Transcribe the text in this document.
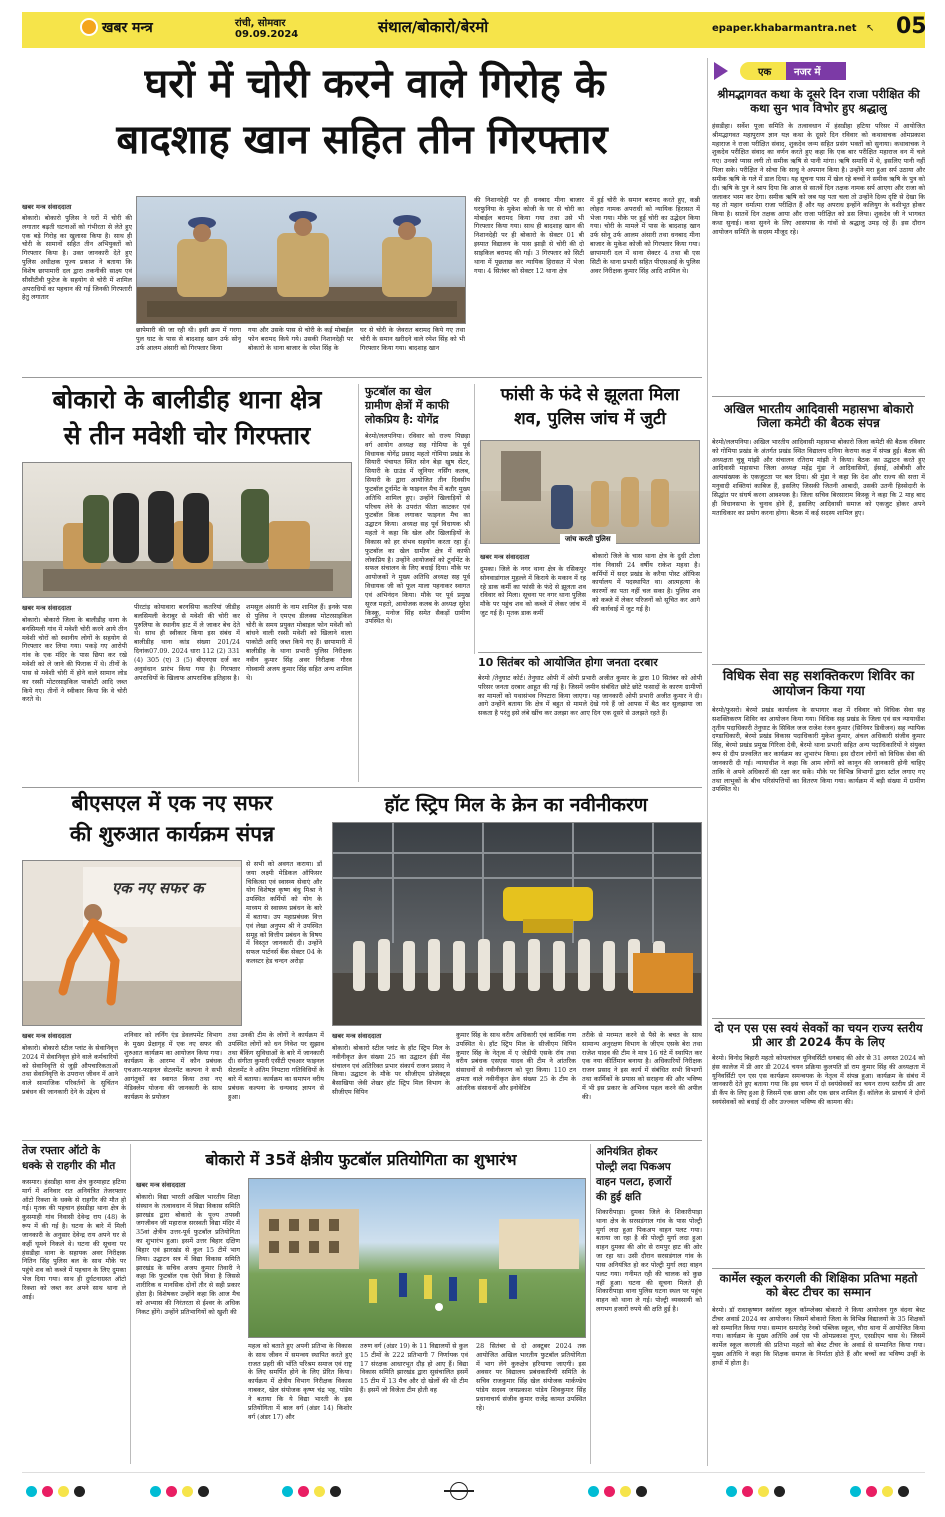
खबर मन्त्र	रांची, सोमवार
09.09.2024	संथाल/बोकारो/बेरमो	epaper.khabarmantra.net ↖ 05
घरों में चोरी करने वाले गिरोह के
बादशाह खान सहित तीन गिरफ्तार
खबर मन्त्र संवाददाता
बोकारो। बोकारो पुलिस ने घरों में चोरी की लगातार बढ़ती घटनाओं को गंभीरता से लेते हुए एक बड़े गिरोह का खुलासा किया है। साथ ही चोरी के सामानों सहित तीन अभियुक्तों को गिरफ्तार किया है। उक्त जानकारी देते हुए पुलिस अधीक्षक पूज्य प्रकाश ने बताया कि विशेष छापामारी दल द्वारा तकनीकी साक्ष्य एवं सीसीटीवी फुटेज के सहयोग से चोरी में शामिल अपराधियों का पहचान की गई जिनकी गिरफ्तारी हेतु लगातार
छापेमारी की जा रही थी। इसी क्रम में गरगा पुल घाट के पास से बादशाह खान उर्फ सोनू उर्फ आलम अंसारी को गिरफ्तार किया
गया और उसके पास से चोरी के कई मोबाईल फोन बरामद किये गये। उसकी निशानदेही पर बोकारो के थाना बाजार के रमेश सिंह के
घर से चोरी के जेवरात बरामद किये गए तथा चोरी के समान खरीदने वाले रमेश सिंह को भी गिरफ्तार किया गया। बादशाह खान
की निशानदेही पर ही धनबाद मीना बाजार घरफुनिया के मुकेश कोजी के घर से चोरी का मोबाईल बरामद किया गया तथा उसे भी गिरफ्तार किया गया। साथ ही बादशाह खान की निशानदेही पर ही बोकारो के सेक्टर 01 बी इस्पात विद्यालय के पास झाड़ी से चोरी की दो साइकिल बरामद की गई। 3 गिरफ्तार को सिटी थाना में पूछताछ कर न्यायिक हिरासत में भेजा गया। 4 सितंबर को सेक्टर 12 थाना क्षेत्र
में हुई चोरी के समान बरामद करते हुए, कन्नी लोहरा नामक अपराधी को न्यायिक हिरासत में भेजा गया। मौके पर हुई चोरी का उद्भेदन किया गया। चोरी के मामले में पास के बादशाह खान उर्फ सोनू उर्फ आलम अंसारी तथा धनबाद मीना बाजार के मुकेश कोजी को गिरफ्तार किया गया। छापामारी दल में थाना सेक्टर 4 तथा बी एस सिटी के थाना प्रभारी सहित पीएसआई के पुलिस अवर निरीक्षक कुमार सिंह आदि शामिल थे।
बोकारो के बालीडीह थाना क्षेत्र
से तीन मवेशी चोर गिरफ्तार
खबर मन्त्र संवाददाता
बोकारो। बोकारो जिला के बालीडीह थाना के बनसिमली गांव में मवेशी चोरी करने आये तीन मवेशी चोरों को स्थानीय लोगों के सहयोग से गिरफ्तार कर लिया गया। पकड़े गए आरोपी गांव के एक मंदिर के पास छिपा कर रखे मवेशी को ले जाने की फिराक में थे। तीनों के पास से मवेशी चोरी में होने वाले सामान लोड का रस्सी मोटरसाइकिल पाकोटी आदि जब्त किये गए। तीनों ने स्वीकार किया कि वे चोरी करते थे।
पीरटांड़ कोयावारा बरनसिया कतरियां जीडीह बलसिमली केराबुर से मवेशी की चोरी कर पुरुलिया के स्थानीय हाट में ले जाकर बेच देते थे। साथ ही स्वीकार किया इस संबंध में बालीडीह थाना कांड संख्या 201/24 दिनांक07.09. 2024 धारा 112 (2) 331 (4) 305 (ए) 3 (5) बीएनएस दर्ज कर अनुसंधान प्रारंभ किया गया है। गिरफ्तार अपराधियों के खिलाफ आपराधिक इतिहास है।
शमसूल अंसारी के नाम शामिल हैं। इनके पास से पुलिस ने एमएच डीलक्स मोटरसाइकिल चोरी के समय प्रयुक्त मोबाइल फोन मवेशी को बांधने वाली रस्सी मवेशी को खिलाने वाला पाकोटी आदि जब्त किये गए हैं। छापामारी में बालीडीह के थाना प्रभारी पुलिस निरीक्षक नवीन कुमार सिंह अवर निरीक्षक गौरव गोस्वामी अजय कुमार सिंह सहित अन्य शामिल थे।
फुटबॉल का खेल
ग्रामीण क्षेत्रों में काफी
लोकप्रिय है: योगेंद्र
बेरमो/ललपनिया। रविवार को राज्य पिछड़ा वर्ग आयोग अध्यक्ष सह गोमिया के पूर्व विधायक योगेंद्र प्रसाद महतो गोमिया प्रखंड के सियारी पंचायत स्थित सोन बेड़ा खुष सेंटर, सियारी के ग्राउंड में जूनियर नर्सिंग कलब, सियारी के द्वारा आयोजित तीन दिवसीय फुटबॉल टूर्नामेंट के फाइनल मैच में बतौर मुख्य अतिथि शामिल हुए। उन्होंने खिलाड़ियों से परिचय लेने के उपरांत फीता काटकर एवं फुटबॉल किक लगाकर फाइनल मैच का उद्घाटन किया। अध्यक्ष सह पूर्व विधायक श्री महतो ने कहा कि खेल और खिलाड़ियों के विकास को हर संभव सहयोग करता रहा हूँ। फुटबॉल का खेल ग्रामीण क्षेत्र में काफी लोकप्रिय है। उन्होंने आयोजकों को टूर्नामेंट के सफल संचालन के लिए बधाई दिया। मौके पर आयोजकों ने मुख्य अतिथि अध्यक्ष सह पूर्व विधायक जी को फूल माला पहनाकर स्वागत एवं अभिनंदन किया। मौके पर पूर्व प्रमुख सूरज महतो, आयोजक कलब के अध्यक्ष सुरेश किस्कू, मनोज सिंह समेत सैकड़ों ग्रामीण उपस्थित थे।
फांसी के फंदे से झूलता मिला
शव, पुलिस जांच में जुटी
जांच करती पुलिस
खबर मन्त्र संवाददाता
दुमका। जिले के नगर थाना क्षेत्र के रसिकपुर सोनवाडांगाल मुहल्ले में किराये के मकान में रह रहे डाक कर्मी का फांसी के फंदे से झूलता शव रविवार को मिला। सूचना पर नगर थाना पुलिस मौके पर पहुंच शव को कब्जे में लेकर जांच में जुट गई है। मृतक डाक कर्मी
बोकारो जिले के चास थाना क्षेत्र के दुधी टोला गांव निवासी 24 वर्षीय राकेश महथा है। कर्मियों में सदर प्रखंड के करैया पोस्ट ऑफिस कार्यालय में पदस्थापित था। आत्महत्या के कारणों का पता नहीं चल सका है। पुलिस शव को कब्जे में लेकर परिजनों को सूचित कर आगे की कार्रवाई में जुट गई है।
10 सितंबर को आयोजित होगा जनता दरबार
बेरमो /तेनुघाट कोर्ट। तेनुघाट ओपी में ओपी प्रभारी अजीत कुमार के द्वारा 10 सितंबर को ओपी परिसर जनता दरबार आहूत की गई है। जिसमें जमीन संबंधित छोटे छोटे फसादों के कारण ग्रामीणों का मामलों को यथासंभव निपटारा किया जाएगा। यह जानकारी ओपी प्रभारी अजीत कुमार ने दी। आगे उन्होंने बताया कि क्षेत्र में बहुत से मामले देखे गये हैं जो आपस में बैठ कर सुलझाया जा सकता है परंतु इसे लंबे खींच कर उलझा कर आए दिन एक दूसरे से उलझते रहते हैं।
बीएसएल में एक नए सफर
की शुरुआत कार्यक्रम संपन्न
एक नए सफर क
से सभी को अवगत कराया। डॉ जया लक्ष्मी मेडिकल ऑफिसर चिकित्सा एवं स्वास्थ्य सेवाएं और योग विशेषज्ञ कृष्ण बंधु मिश्रा ने उपस्थित कर्मियों को योग के माध्यम से स्वास्थ्य प्रबंधन के बारे में बताया। उप महाप्रबंधक वित्त एवं लेखा अनुपम श्री ने उपस्थित समूह को वित्तीय प्रबंधन के विषय में विस्तृत जानकारी दी। उन्होंने सफल पार्टनर्स बैंक सेक्टर 04 के कलस्टर हेड चन्दन अरोड़ा
खबर मन्त्र संवाददाता
बोकारो। बोकारो स्टील प्लांट के सेवानिवृत्त 2024 में सेवानिवृत्त होने वाले कर्मचारियों को सेवानिवृत्ति से जुड़ी औपचारिकताओं तथा सेवानिवृत्ति के उपरान्त जीवन में आने वाले सामाजिक परिवर्तनों के सुचिंतन प्रबंधन की जानकारी देने के उद्देश्य से
शनिवार को लर्निंग एंड डेवलपमेंट विभाग के मुख्य प्रेक्षागृह में एक नए सफर की शुरुआत कार्यक्रम का आयोजन किया गया। कार्यक्रम के आरम्भ में कौन प्रबंधक एचआर-फाइनल सेटलमेंट कल्पना ने सभी आगंतुकों का स्वागत किया तथा नए मेडिक्लेम योजना की जानकारी के साथ कार्यक्रम के प्रयोजन
तथा उनकी टीम के लोगों ने कार्यक्रम में उपस्थित लोगों को धन निवेश पर सुझाव तथा बैंकिंग सुविधाओं के बारे में जानकारी दी। संगीता कुमारी एसीटी एचआर फाइनल सेटलमेंट ने अंतिम निपटारा गतिविधियों के बारे में बताया। कार्यक्रम का समापन वरीय प्रबंधक कल्पना के धन्यवाद ज्ञापन से हुआ।
हॉट स्ट्रिप मिल के क्रेन का नवीनीकरण
खबर मन्त्र संवाददाता
बोकारो। बोकारो स्टील प्लांट के हॉट स्ट्रिप मिल के नवीनीकृत क्रेन संख्या 25 का उद्घाटन ईडी मेंस संचालन एवं अतिरिक्त प्रभार संकार्य राजन प्रसाद ने किया। उद्घाटन के मौके पर सीजीएम प्रोजेक्ट्स बैसाखिया जेवी शेखर हॉट स्ट्रिप मिल विभाग के सीजीएम विपिन
कुमार सिंह के साथ वरीय अधिकारी एवं कार्मिक गण उपस्थित थे। हॉट स्ट्रिप मिल के सीजीएम विपिन कुमार सिंह के नेतृत्व में ए जेडीपी एसके रॉय तथा वरीय प्रबंधक एसएस यादव की टीम ने आंतरिक संसाधनों से नवीनीकरण को पूरा किया। 110 टन क्षमता वाले नवीनीकृत क्रेन संख्या 25 के टीम के आंतरिक संसाधनों और इनोवेटिव
तरीके से मरम्मत करने से पैसे के बचत के साथ सामान्य अनुरक्षण विभाग के जीएम एसके बेरा तथा राजेश यादव की टीम ने मात्र 16 घंटे में स्थापित कर एक नया कीर्तिमान बनाया है। अधिकारियों निरीक्षक राजन प्रसाद ने इस कार्य में संबंधित सभी विभागों तथा कार्मिकों के प्रयास को सराहना की और भविष्य में भी इस प्रकार के अभिनव पहल करने की अपील की।
तेज रफ्तार ऑटो के
धक्के से राहगीर की मौत
कसमार। हंसडीहा थाना क्षेत्र कुरमाहाट हटिया मार्ग में शनिवार रात अनियंत्रित तेजरफ्तार ऑटो रिक्शा के धक्के से राहगीर की मौत हो गई। मृतक की पहचान हंसडीहा थाना क्षेत्र के कुसमाही गांव निवासी देवेन्द्र राय (48) के रूप में की गई है। घटना के बारे में मिली जानकारी के अनुसार देवेन्द्र राय अपने घर से कहीं घूमने निकले थे। घटना की सूचना पर हंसडीहा थाना के सहायक अवर निरीक्षक नितिन सिंह पुलिस बल के साथ मौके पर पहुंचे शव को कब्जे में पहचान के लिए दुमका भेज दिया गया। साथ ही दुर्घटनाग्रस्त ऑटो रिक्शा को जब्त कर अपने साथ थाना ले आई।
बोकारो में 35वें क्षेत्रीय फुटबॉल प्रतियोगिता का शुभारंभ
खबर मन्त्र संवाददाता
बोकारो। विद्या भारती अखिल भारतीय शिक्षा संस्थान के तत्वावधान में विद्या विकास समिति झारखंड द्वारा बोकारो के पूज्य तपस्वी जगजीवन जी महाराज सरस्वती विद्या मंदिर में 35वां क्षेत्रीय उत्तर-पूर्व फुटबॉल प्रतियोगिता का शुभारंभ हुआ। इसमें उत्तर बिहार दक्षिण बिहार एवं झारखंड से कुल 15 टीमें भाग लिया। उद्घाटन सत्र में विद्या विकास समिति झारखंड के सचिव अजय कुमार तिवारी ने कहा कि फुटबॉल एक ऐसी विधा है जिससे शारीरिक व मानसिक दोनों तौर से सही प्रकार होता है। विशेषकर उन्होंने कहा कि आज मैच को अभ्यास की निरंतरता से ईश्वर के अधिक निकट होंगे। उन्होंने प्रतिभागियों को खुशी की
महत्व को बताते हुए अपनी प्रतिभा के विकास के साथ जीवन में समन्वय स्थापित करते हुए राजत प्रहरी की भाँति परिश्रम समाज एवं राष्ट्र के लिए समर्पित होने के लिए प्रेरित किया। कार्यक्रम में क्षेत्रीय विभाग निरीक्षक विकास नाबकर, खेल संयोजक कृष्ण चंद्र भट्ट, पांडेय ने बताया कि ये विद्या भारती के इस प्रतियोगिता में बाल वर्ग (अंडर 14) किशोर वर्ग (अंडर 17) और
तरुण वर्ग (अंडर 19) के 11 विद्यालयों से कुल 15 टीमों के 222 प्रतिभागी 7 निर्णायक एवं 17 संरक्षक आधारभूत दौड़ हो आए हैं। विद्या विकास समिति झारखंड द्वारा सुसंचालित इसमें 15 टीम में 13 मैच और दो खेलों की थी टीम हैं। इसमें जो विजेता टीम होती वह
28 सितंबर से दो अक्टूबर 2024 तक आयोजित अखिल भारतीय फुटबॉल प्रतियोगिता में भाग लेंगे कुरुक्षेत्र हरियाणा जाएगी। इस अवसर पर विद्यालय प्रबंधकारिणी समिति के सचिव राजकुमार सिंह खेल संयोजक मार्कण्डेय पांडेय सदस्य जयप्रकाश पांडेय शिवकुमार सिंह प्रधानाचार्य संजीव कुमार राजेंद्र कामत उपस्थित रहे।
अनियंत्रित होकर
पोल्ट्री लदा पिकअप
वाहन पलटा, हजारों
की हुई क्षति
शिकारीपाड़ा। दुमका जिले के शिकारीपाड़ा थाना क्षेत्र के सरसडंगाल गांव के पास पोल्ट्री मुर्गा लदा हुआ पिकअप वाहन पलट गया। बताया जा रहा है की पोल्ट्री मुर्गा लदा हुआ वाहन दुमका की ओर से रामपुर हाट की ओर जा रहा था। उसी दौरान सरसडंगाल गांव के पास अनियंत्रित हो कर पोल्ट्री मुर्गा लदा वाहन पलट गया। गनीमत रही की चालक को कुछ नहीं हुआ। घटना की सूचना मिलते ही शिकारीपाड़ा थाना पुलिस घटना स्थल पर पहुंच वाहन को थाना ले गई। पोल्ट्री व्यवसायी को लगभग हजारों रुपये की क्षति हुई है।
एक नजर में
श्रीमद्भागवत कथा के दूसरे दिन राजा परीक्षित की कथा सुन भाव विभोर हुए श्रद्धालु
हंसडीहा। सर्वेश पूजा समिति के तत्वावधान में हंसडीहा हटिया परिसर में आयोजित श्रीमद्भागवत महापुराण ज्ञान यज्ञ कथा के दूसरे दिन रविवार को कथावाचक ओमप्रकाश महाराज ने राजा परीक्षित संवाद, शुकदेव जन्म सहित प्रसंग भक्तों को सुनाया। कथावाचक ने शुकदेव परीक्षित संवाद का वर्णन करते हुए कहा कि एक बार परीक्षित महाराज वन में चले गए। उनको प्यास लगी तो समीक ऋषि से पानी मांगा। ऋषि समाधि में थे, इसलिए पानी नहीं पिला सके। परीक्षित ने सोचा कि साधु ने अपमान किया है। उन्होंने मरा हुआ सर्प उठाया और समीक ऋषि के गले में डाल दिया। यह सूचना पास में खेल रहे बच्चों ने समीक ऋषि के पुत्र को दी। ऋषि के पुत्र ने श्राप दिया कि आज से सातवें दिन तक्षक नामक सर्प आएगा और राजा को जलाकर भस्म कर देगा। समीक ऋषि को जब यह पता चला तो उन्होंने दिव्य दृष्टि से देखा कि यह तो महान धर्मात्मा राजा परीक्षित हैं और यह अपराध इन्होंने कलियुग के वशीभूत होकर किया है। सातवें दिन तक्षक आया और राजा परीक्षित को डस लिया। शुकदेव जी ने भागवत कथा सुनाई। कथा सुनने के लिए आसपास के गांवों से श्रद्धालु उमड़ रहे हैं। इस दौरान आयोजन समिति के सदस्य मौजूद रहे।
अखिल भारतीय आदिवासी महासभा बोकारो जिला कमेटी की बैठक संपन्न
बेरमो/ललपनिया। अखिल भारतीय आदिवासी महासभा बोकारो जिला कमेटी की बैठक रविवार को गोमिया प्रखंड के अंतर्गत प्रखंड स्थित विद्यालय दनिया केराया कक्ष में संपन्न हुई। बैठक की अध्यक्षता चुन्नू मांझी और संचालन रतिराम मांझी ने किया। बैठक का उद्घाटन करते हुए आदिवासी महासभा जिला अध्यक्ष महेंद्र मुंडा ने आदिवासियों, ईसाई, ओबीसी और अल्पसंख्यक के एकजुटता पर बल दिया। श्री मुंडा ने कहा कि देश और राज्य की सत्ता में मनुवादी शक्तियां काबिज हैं, इसलिए जिसकी जितनी आबादी, उसकी उतनी हिस्सेदारी के सिद्धांत पर संघर्ष करना आवश्यक है। जिला सचिव बिरसाराम किस्कू ने कहा कि 2 माह बाद ही विधानसभा के चुनाव होने हैं, इसलिए आदिवासी समाज को एकजुट होकर अपने मताधिकार का प्रयोग करना होगा। बैठक में कई सदस्य शामिल हुए।
विधिक सेवा सह सशक्तिकरण शिविर का आयोजन किया गया
बेरमो/फुसरो। बेरमो प्रखंड कार्यालय के सभागार कक्ष में रविवार को विधिक सेवा सह सशक्तिकरण शिविर का आयोजन किया गया। विधिक सह प्रखंड के जिला एवं सत्र न्यायाधीश तृतीय पदाधिकारी तेनुघाट के सिविल जज राजेश रंजन कुमार (सिनियर डिवीजन) सह न्यायिक दण्डाधिकारी, बेरमो प्रखंड विकास पदाधिकारी मुकेश कुमार, अंचल अधिकारी संजीव कुमार सिंह, बेरमो प्रखंड प्रमुख गिरिजा देवी, बेरमो थाना प्रभारी सहित अन्य पदाधिकारियों ने संयुक्त रूप से दीप प्रज्वलित कर कार्यक्रम का शुभारंभ किया। इस दौरान लोगों को विधिक सेवा की जानकारी दी गई। न्यायाधीश ने कहा कि आम लोगों को कानून की जानकारी होनी चाहिए ताकि वे अपने अधिकारों की रक्षा कर सकें। मौके पर विभिन्न विभागों द्वारा स्टॉल लगाए गए तथा लाभुकों के बीच परिसंपत्तियों का वितरण किया गया। कार्यक्रम में बड़ी संख्या में ग्रामीण उपस्थित थे।
दो एन एस एस स्वयं सेवकों का चयन राज्य स्तरीय प्री आर डी 2024 कैंप के लिए
बेरमो। विनोद बिहारी महतो कोयलांचल यूनिवर्सिटी धनबाद की ओर से 31 अगस्त 2024 को हंस कालेज में प्री आर डी 2024 चयन प्रक्रिया कुलपति डॉ राम कुमार सिंह की अध्यक्षता में यूनिवर्सिटी एन एस एस कार्यक्रम समन्वयक के नेतृत्व में संपन्न हुआ। कार्यक्रम के संबंध में जानकारी देते हुए बताया गया कि इस चयन में दो स्वयंसेवकों का चयन राज्य स्तरीय प्री आर डी कैंप के लिए हुआ है जिसमें एक छात्रा और एक छात्र शामिल हैं। कॉलेज के प्राचार्य ने दोनों स्वयंसेवकों को बधाई दी और उज्ज्वल भविष्य की कामना की।
कार्मेल स्कूल करगली की शिक्षिका प्रतिभा महतो को बेस्ट टीचर का सम्मान
बेरमो। डॉ राधाकृष्णन स्कॉलर स्कूल कॉम्प्लेक्स बोकारो ने किया आयोजन गुरु वंदना बेस्ट टीचर अवार्ड 2024 का आयोजन। जिसमें बोकारो जिला के विभिन्न विद्यालयों के 35 शिक्षकों को सम्मानित किया गया। सम्मान समारोह रेनबो पब्लिक स्कूल, चौरा थाना में आयोजित किया गया। कार्यक्रम के मुख्य अतिथि अर्ब एस भी ओमप्रकाश गुप्त, एसडीएम चास थे। जिसमें कार्मेल स्कूल करगली की प्रतिभा महतो को बेस्ट टीचर के अवार्ड से सम्मानित किया गया। मुख्य अतिथि ने कहा कि शिक्षक समाज के निर्माता होते हैं और बच्चों का भविष्य उन्हीं के हाथों में होता है।
